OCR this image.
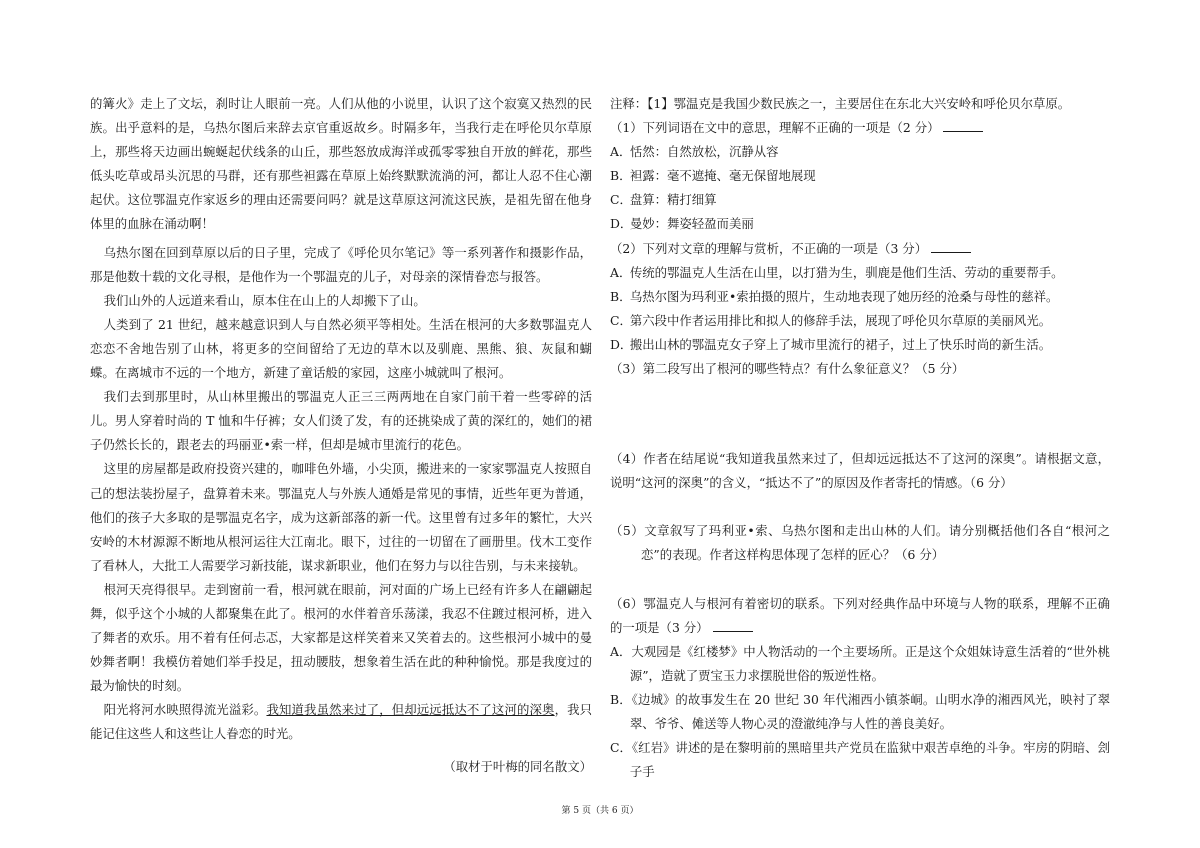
的篝火》走上了文坛，刹时让人眼前一亮。人们从他的小说里，认识了这个寂寞又热烈的民族。出乎意料的是，乌热尔图后来辞去京官重返故乡。时隔多年，当我行走在呼伦贝尔草原上，那些将天边画出蜿蜒起伏线条的山丘，那些怒放成海洋或孤零零独自开放的鲜花，那些低头吃草或昂头沉思的马群，还有那些袒露在草原上始终默默流淌的河，都让人忍不住心潮起伏。这位鄂温克作家返乡的理由还需要问吗？就是这草原这河流这民族，是祖先留在他身体里的血脉在涌动啊！

乌热尔图在回到草原以后的日子里，完成了《呼伦贝尔笔记》等一系列著作和摄影作品，那是他数十载的文化寻根，是他作为一个鄂温克的儿子，对母亲的深情眷恋与报答。

我们山外的人远道来看山，原本住在山上的人却搬下了山。

人类到了 21 世纪，越来越意识到人与自然必须平等相处。生活在根河的大多数鄂温克人恋恋不舍地告别了山林，将更多的空间留给了无边的草木以及驯鹿、黑熊、狼、灰鼠和蝴蝶。在离城市不远的一个地方，新建了童话般的家园，这座小城就叫了根河。

我们去到那里时，从山林里搬出的鄂温克人正三三两两地在自家门前干着一些零碎的活儿。男人穿着时尚的 T 恤和牛仔裤；女人们烫了发，有的还挑染成了黄的深红的，她们的裙子仍然长长的，跟老去的玛丽亚•索一样，但却是城市里流行的花色。

这里的房屋都是政府投资兴建的，咖啡色外墙，小尖顶，搬进来的一家家鄂温克人按照自己的想法装扮屋子，盘算着未来。鄂温克人与外族人通婚是常见的事情，近些年更为普通，他们的孩子大多取的是鄂温克名字，成为这新部落的新一代。这里曾有过多年的繁忙，大兴安岭的木材源源不断地从根河运往大江南北。眼下，过往的一切留在了画册里。伐木工变作了看林人，大批工人需要学习新技能，谋求新职业，他们在努力与以往告别，与未来接轨。

根河天亮得很早。走到窗前一看，根河就在眼前，河对面的广场上已经有许多人在翩翩起舞，似乎这个小城的人都聚集在此了。根河的水伴着音乐荡漾，我忍不住踱过根河桥，进入了舞者的欢乐。用不着有任何忐忑，大家都是这样笑着来又笑着去的。这些根河小城中的曼妙舞者啊！我模仿着她们举手投足，扭动腰肢，想象着生活在此的种种愉悦。那是我度过的最为愉快的时刻。

阳光将河水映照得流光溢彩。我知道我虽然来过了，但却远远抵达不了这河的深奥，我只能记住这些人和这些让人眷恋的时光。

（取材于叶梅的同名散文）

注释：【1】鄂温克是我国少数民族之一，主要居住在东北大兴安岭和呼伦贝尔草原。

（1）下列词语在文中的意思，理解不正确的一项是（2 分）

A．恬然：自然放松，沉静从容

B．袒露：毫不遮掩、毫无保留地展现

C．盘算：精打细算

D．曼妙：舞姿轻盈而美丽

（2）下列对文章的理解与赏析，不正确的一项是（3 分）

A．传统的鄂温克人生活在山里，以打猎为生，驯鹿是他们生活、劳动的重要帮手。

B．乌热尔图为玛利亚•索拍摄的照片，生动地表现了她历经的沧桑与母性的慈祥。

C．第六段中作者运用排比和拟人的修辞手法，展现了呼伦贝尔草原的美丽风光。

D．搬出山林的鄂温克女子穿上了城市里流行的裙子，过上了快乐时尚的新生活。

（3）第二段写出了根河的哪些特点？有什么象征意义？（5 分）

（4）作者在结尾说“我知道我虽然来过了，但却远远抵达不了这河的深奥”。请根据文意，说明“这河的深奥”的含义，“抵达不了”的原因及作者寄托的情感。（6 分）

（5）文章叙写了玛利亚•索、乌热尔图和走出山林的人们。请分别概括他们各自“根河之恋”的表现。作者这样构思体现了怎样的匠心？（6 分）

（6）鄂温克人与根河有着密切的联系。下列对经典作品中环境与人物的联系，理解不正确的一项是（3 分）

A．大观园是《红楼梦》中人物活动的一个主要场所。正是这个众姐妹诗意生活着的“世外桃源”，造就了贾宝玉力求摆脱世俗的叛逆性格。

B．《边城》的故事发生在 20 世纪 30 年代湘西小镇茶峒。山明水净的湘西风光，映衬了翠翠、爷爷、傩送等人物心灵的澄澈纯净与人性的善良美好。

C．《红岩》讲述的是在黎明前的黑暗里共产党员在监狱中艰苦卓绝的斗争。牢房的阴暗、刽子手

第 5 页（共 6 页）
